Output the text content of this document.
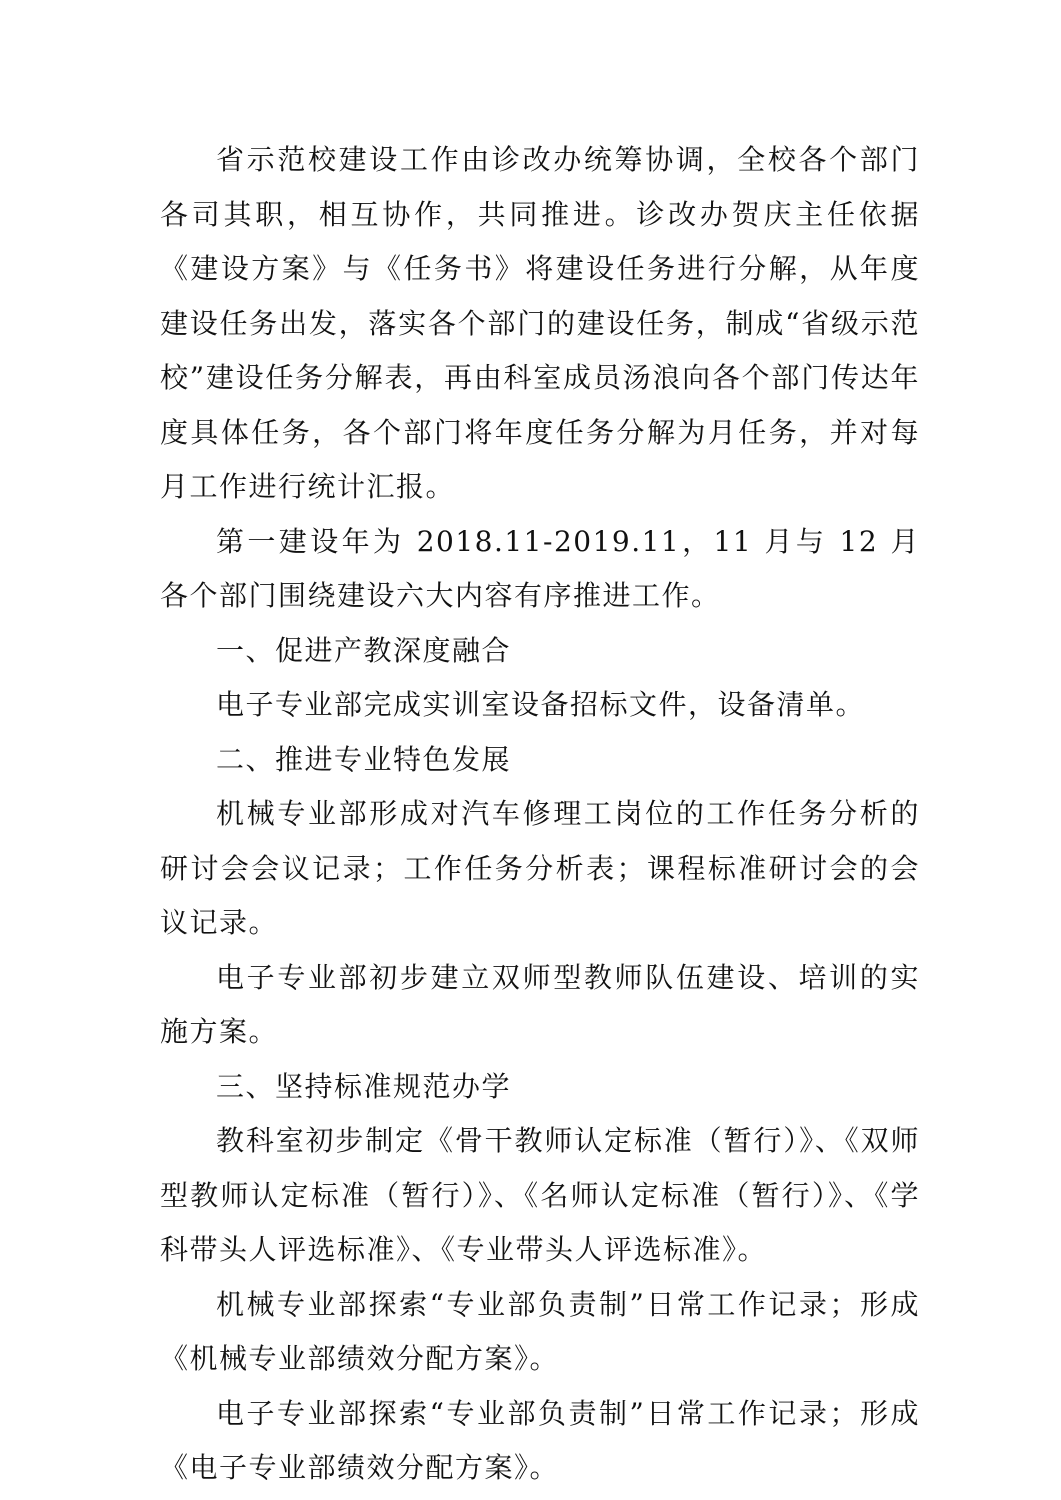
省示范校建设工作由诊改办统筹协调，全校各个部门各司其职，相互协作，共同推进。诊改办贺庆主任依据《建设方案》与《任务书》将建设任务进行分解，从年度建设任务出发，落实各个部门的建设任务，制成“省级示范校”建设任务分解表，再由科室成员汤浪向各个部门传达年度具体任务，各个部门将年度任务分解为月任务，并对每月工作进行统计汇报。

第一建设年为 2018.11-2019.11，11 月与 12 月各个部门围绕建设六大内容有序推进工作。

一、促进产教深度融合

电子专业部完成实训室设备招标文件，设备清单。

二、推进专业特色发展

机械专业部形成对汽车修理工岗位的工作任务分析的研讨会会议记录；工作任务分析表；课程标准研讨会的会议记录。

电子专业部初步建立双师型教师队伍建设、培训的实施方案。

三、坚持标准规范办学

教科室初步制定《骨干教师认定标准（暂行）》、《双师型教师认定标准（暂行）》、《名师认定标准（暂行）》、《学科带头人评选标准》、《专业带头人评选标准》。

机械专业部探索“专业部负责制”日常工作记录；形成《机械专业部绩效分配方案》。

电子专业部探索“专业部负责制”日常工作记录；形成《电子专业部绩效分配方案》。
